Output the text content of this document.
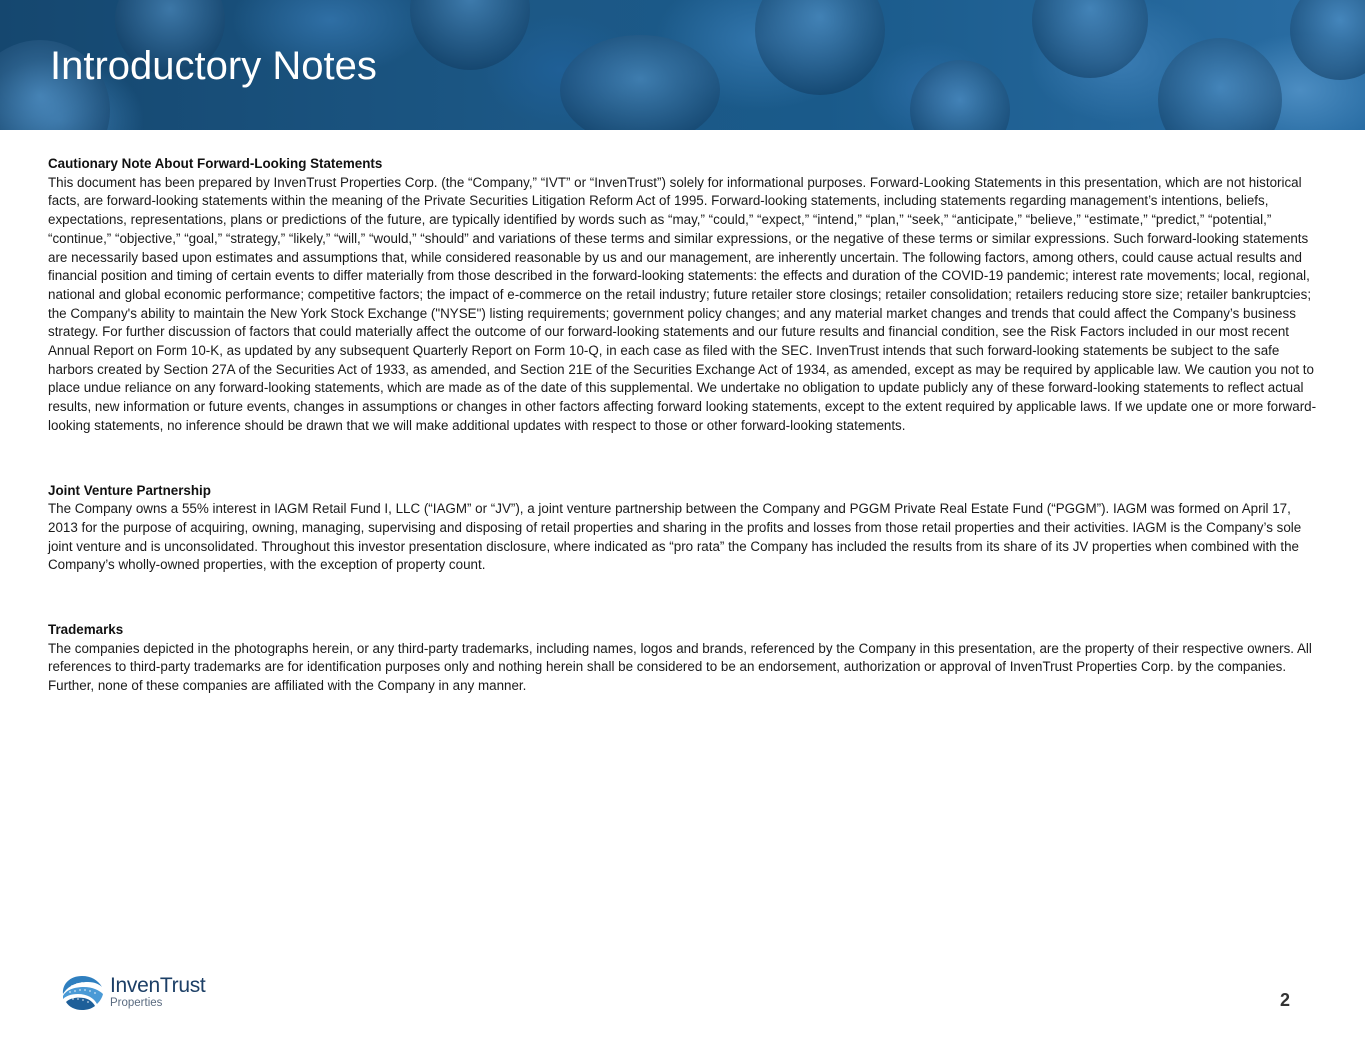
Introductory Notes
Cautionary Note About Forward-Looking Statements

This document has been prepared by InvenTrust Properties Corp. (the “Company,” “IVT” or “InvenTrust”) solely for informational purposes. Forward-Looking Statements in this presentation, which are not historical facts, are forward-looking statements within the meaning of the Private Securities Litigation Reform Act of 1995. Forward-looking statements, including statements regarding management’s intentions, beliefs, expectations, representations, plans or predictions of the future, are typically identified by words such as “may,” “could,” “expect,” “intend,” “plan,” “seek,” “anticipate,” “believe,” “estimate,” “predict,” “potential,” “continue,” “objective,” “goal,” “strategy,” “likely,” “will,” “would,” “should” and variations of these terms and similar expressions, or the negative of these terms or similar expressions. Such forward-looking statements are necessarily based upon estimates and assumptions that, while considered reasonable by us and our management, are inherently uncertain. The following factors, among others, could cause actual results and financial position and timing of certain events to differ materially from those described in the forward-looking statements: the effects and duration of the COVID-19 pandemic; interest rate movements; local, regional, national and global economic performance; competitive factors; the impact of e-commerce on the retail industry; future retailer store closings; retailer consolidation; retailers reducing store size; retailer bankruptcies; the Company's ability to maintain the New York Stock Exchange ("NYSE") listing requirements; government policy changes; and any material market changes and trends that could affect the Company’s business strategy. For further discussion of factors that could materially affect the outcome of our forward-looking statements and our future results and financial condition, see the Risk Factors included in our most recent Annual Report on Form 10-K, as updated by any subsequent Quarterly Report on Form 10-Q, in each case as filed with the SEC. InvenTrust intends that such forward-looking statements be subject to the safe harbors created by Section 27A of the Securities Act of 1933, as amended, and Section 21E of the Securities Exchange Act of 1934, as amended, except as may be required by applicable law. We caution you not to place undue reliance on any forward-looking statements, which are made as of the date of this supplemental. We undertake no obligation to update publicly any of these forward-looking statements to reflect actual results, new information or future events, changes in assumptions or changes in other factors affecting forward looking statements, except to the extent required by applicable laws. If we update one or more forward-looking statements, no inference should be drawn that we will make additional updates with respect to those or other forward-looking statements.

Joint Venture Partnership

The Company owns a 55% interest in IAGM Retail Fund I, LLC (“IAGM” or “JV”), a joint venture partnership between the Company and PGGM Private Real Estate Fund (“PGGM”). IAGM was formed on April 17, 2013 for the purpose of acquiring, owning, managing, supervising and disposing of retail properties and sharing in the profits and losses from those retail properties and their activities. IAGM is the Company’s sole joint venture and is unconsolidated. Throughout this investor presentation disclosure, where indicated as “pro rata” the Company has included the results from its share of its JV properties when combined with the Company’s wholly-owned properties, with the exception of property count.

Trademarks

The companies depicted in the photographs herein, or any third-party trademarks, including names, logos and brands, referenced by the Company in this presentation, are the property of their respective owners. All references to third-party trademarks are for identification purposes only and nothing herein shall be considered to be an endorsement, authorization or approval of InvenTrust Properties Corp. by the companies. Further, none of these companies are affiliated with the Company in any manner.

InvenTrust
Properties	2
